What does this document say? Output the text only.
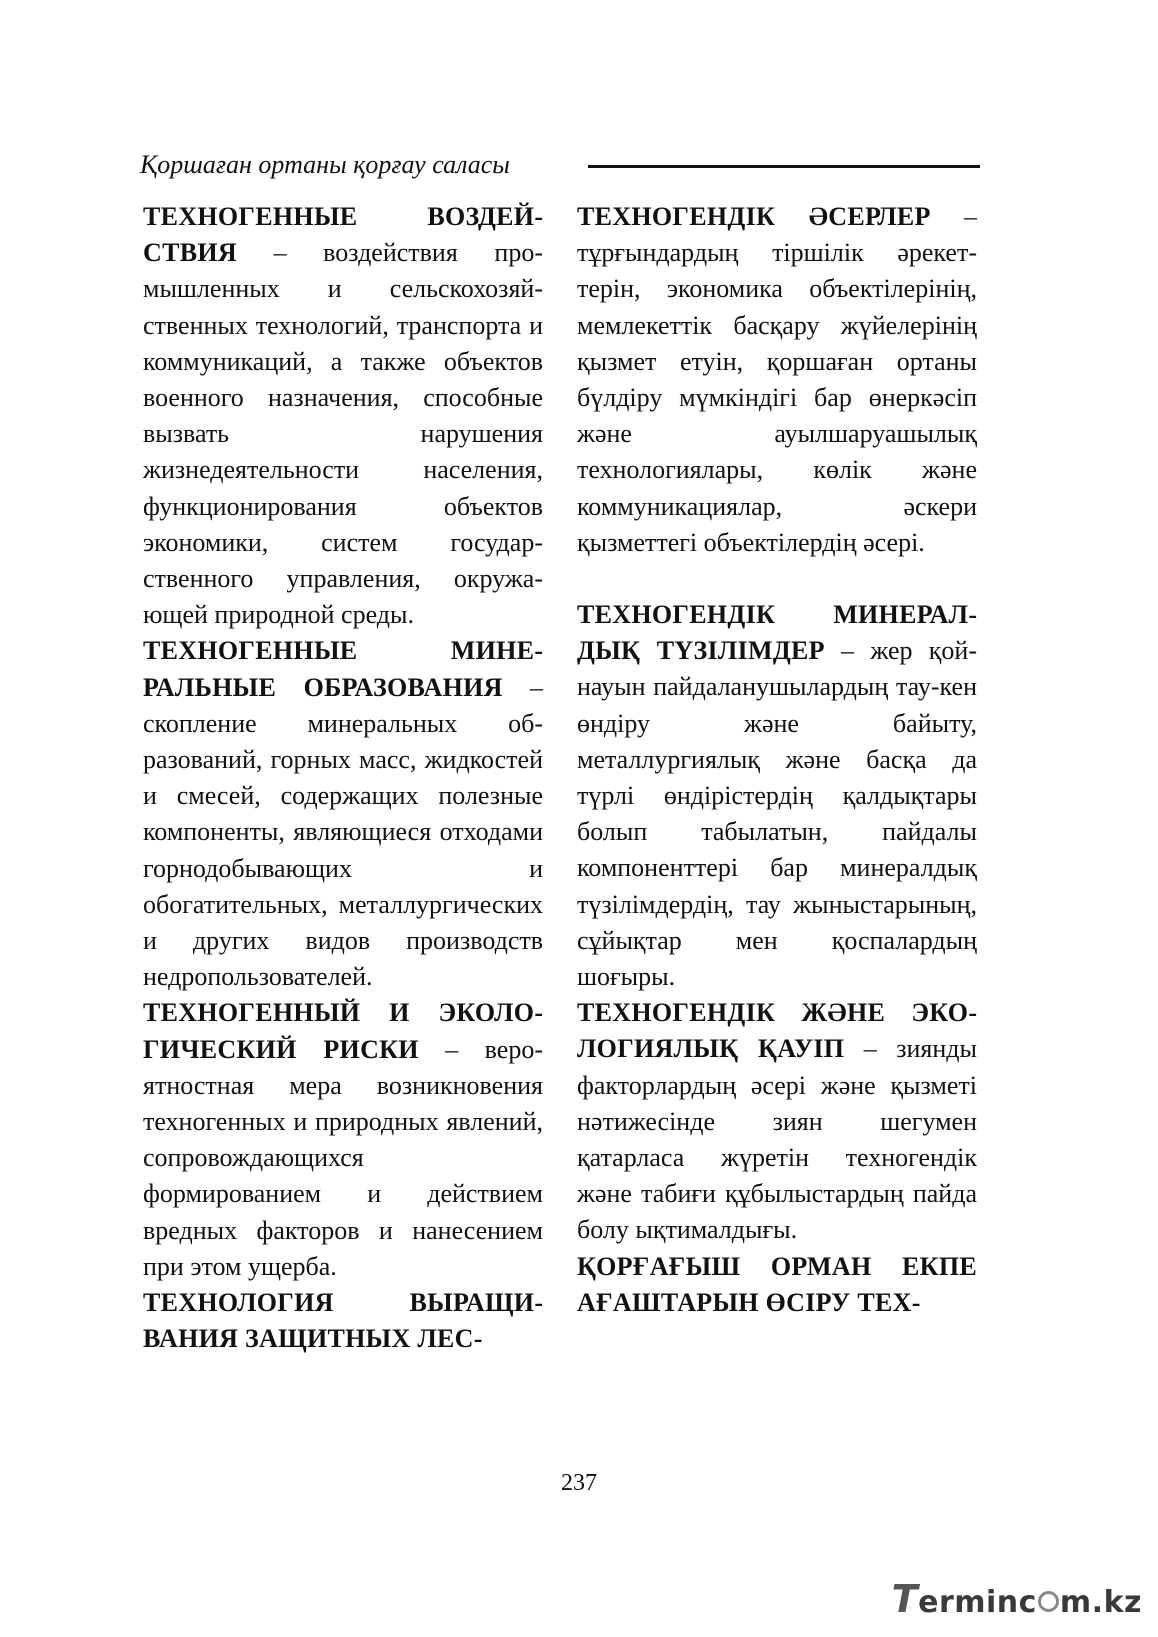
Қоршаған ортаны қорғау саласы

ТЕХНОГЕННЫЕ ВОЗДЕЙСТВИЯ – воздействия промышленных и сельскохозяйственных технологий, транспорта и коммуникаций, а также объектов военного назначения, способные вызвать нарушения жизнедеятельности населения, функционирования объектов экономики, систем государственного управления, окружающей природной среды.

ТЕХНОГЕННЫЕ МИНЕРАЛЬНЫЕ ОБРАЗОВАНИЯ – скопление минеральных образований, горных масс, жидкостей и смесей, содержащих полезные компоненты, являющиеся отходами горнодобывающих и обогатительных, металлургических и других видов производств недропользователей.

ТЕХНОГЕННЫЙ И ЭКОЛОГИЧЕСКИЙ РИСКИ – вероятностная мера возникновения техногенных и природных явлений, сопровождающихся формированием и действием вредных факторов и нанесением при этом ущерба.

ТЕХНОЛОГИЯ ВЫРАЩИВАНИЯ ЗАЩИТНЫХ ЛЕС-

ТЕХНОГЕНДІК ӘСЕРЛЕР – тұрғындардың тіршілік әрекеттерін, экономика объектілерінің, мемлекеттік басқару жүйелерінің қызмет етуін, қоршаған ортаны бүлдіру мүмкіндігі бар өнеркәсіп және ауылшаруашылық технологиялары, көлік және коммуникациялар, әскери қызметтегі объектілердің әсері.

ТЕХНОГЕНДІК МИНЕРАЛДЫҚ ТҮЗІЛІМДЕР – жер қойнауын пайдаланушылардың тау-кен өндіру және байыту, металлургиялық және басқа да түрлі өндірістердің қалдықтары болып табылатын, пайдалы компоненттері бар минералдық түзілімдердің, тау жыныстарының, сұйықтар мен қоспалардың шоғыры.

ТЕХНОГЕНДІК ЖӘНЕ ЭКОЛОГИЯЛЫҚ ҚАУІП – зиянды факторлардың әсері және қызметі нәтижесінде зиян шегумен қатарласа жүретін техногендік және табиғи құбылыстардың пайда болу ықтималдығы.

ҚОРҒАҒЫШ ОРМАН ЕКПЕ АҒАШТАРЫН ӨСІРУ ТЕХ-

237
Terminc m.kz
